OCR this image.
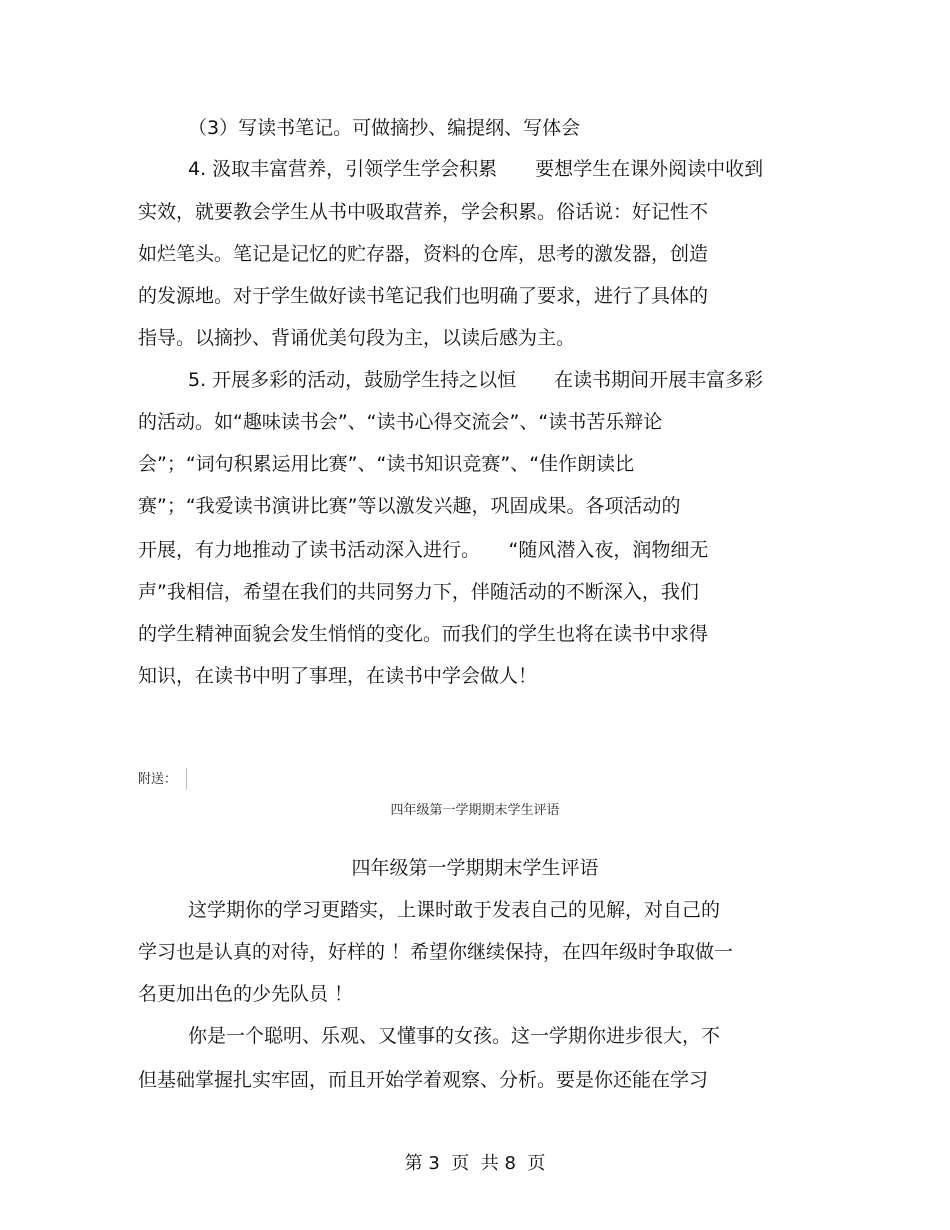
（3）写读书笔记。可做摘抄、编提纲、写体会
4. 汲取丰富营养，引领学生学会积累　　要想学生在课外阅读中收到
实效，就要教会学生从书中吸取营养，学会积累。俗话说：好记性不
如烂笔头。笔记是记忆的贮存器，资料的仓库，思考的激发器，创造
的发源地。对于学生做好读书笔记我们也明确了要求，进行了具体的
指导。以摘抄、背诵优美句段为主，以读后感为主。
5. 开展多彩的活动，鼓励学生持之以恒　　在读书期间开展丰富多彩
的活动。如“趣味读书会”、“读书心得交流会”、“读书苦乐辩论
会”；“词句积累运用比赛”、“读书知识竞赛”、“佳作朗读比
赛”；“我爱读书演讲比赛”等以激发兴趣，巩固成果。各项活动的
开展，有力地推动了读书活动深入进行。　　“随风潜入夜，润物细无
声”我相信，希望在我们的共同努力下，伴随活动的不断深入，我们
的学生精神面貌会发生悄悄的变化。而我们的学生也将在读书中求得
知识，在读书中明了事理，在读书中学会做人！
附送：
四年级第一学期期末学生评语
四年级第一学期期末学生评语
这学期你的学习更踏实，上课时敢于发表自己的见解，对自己的
学习也是认真的对待，好样的 ！希望你继续保持，在四年级时争取做一
名更加出色的少先队员 ！
你是一个聪明、乐观、又懂事的女孩。这一学期你进步很大，不
但基础掌握扎实牢固，而且开始学着观察、分析。要是你还能在学习
第 3  页  共 8  页
